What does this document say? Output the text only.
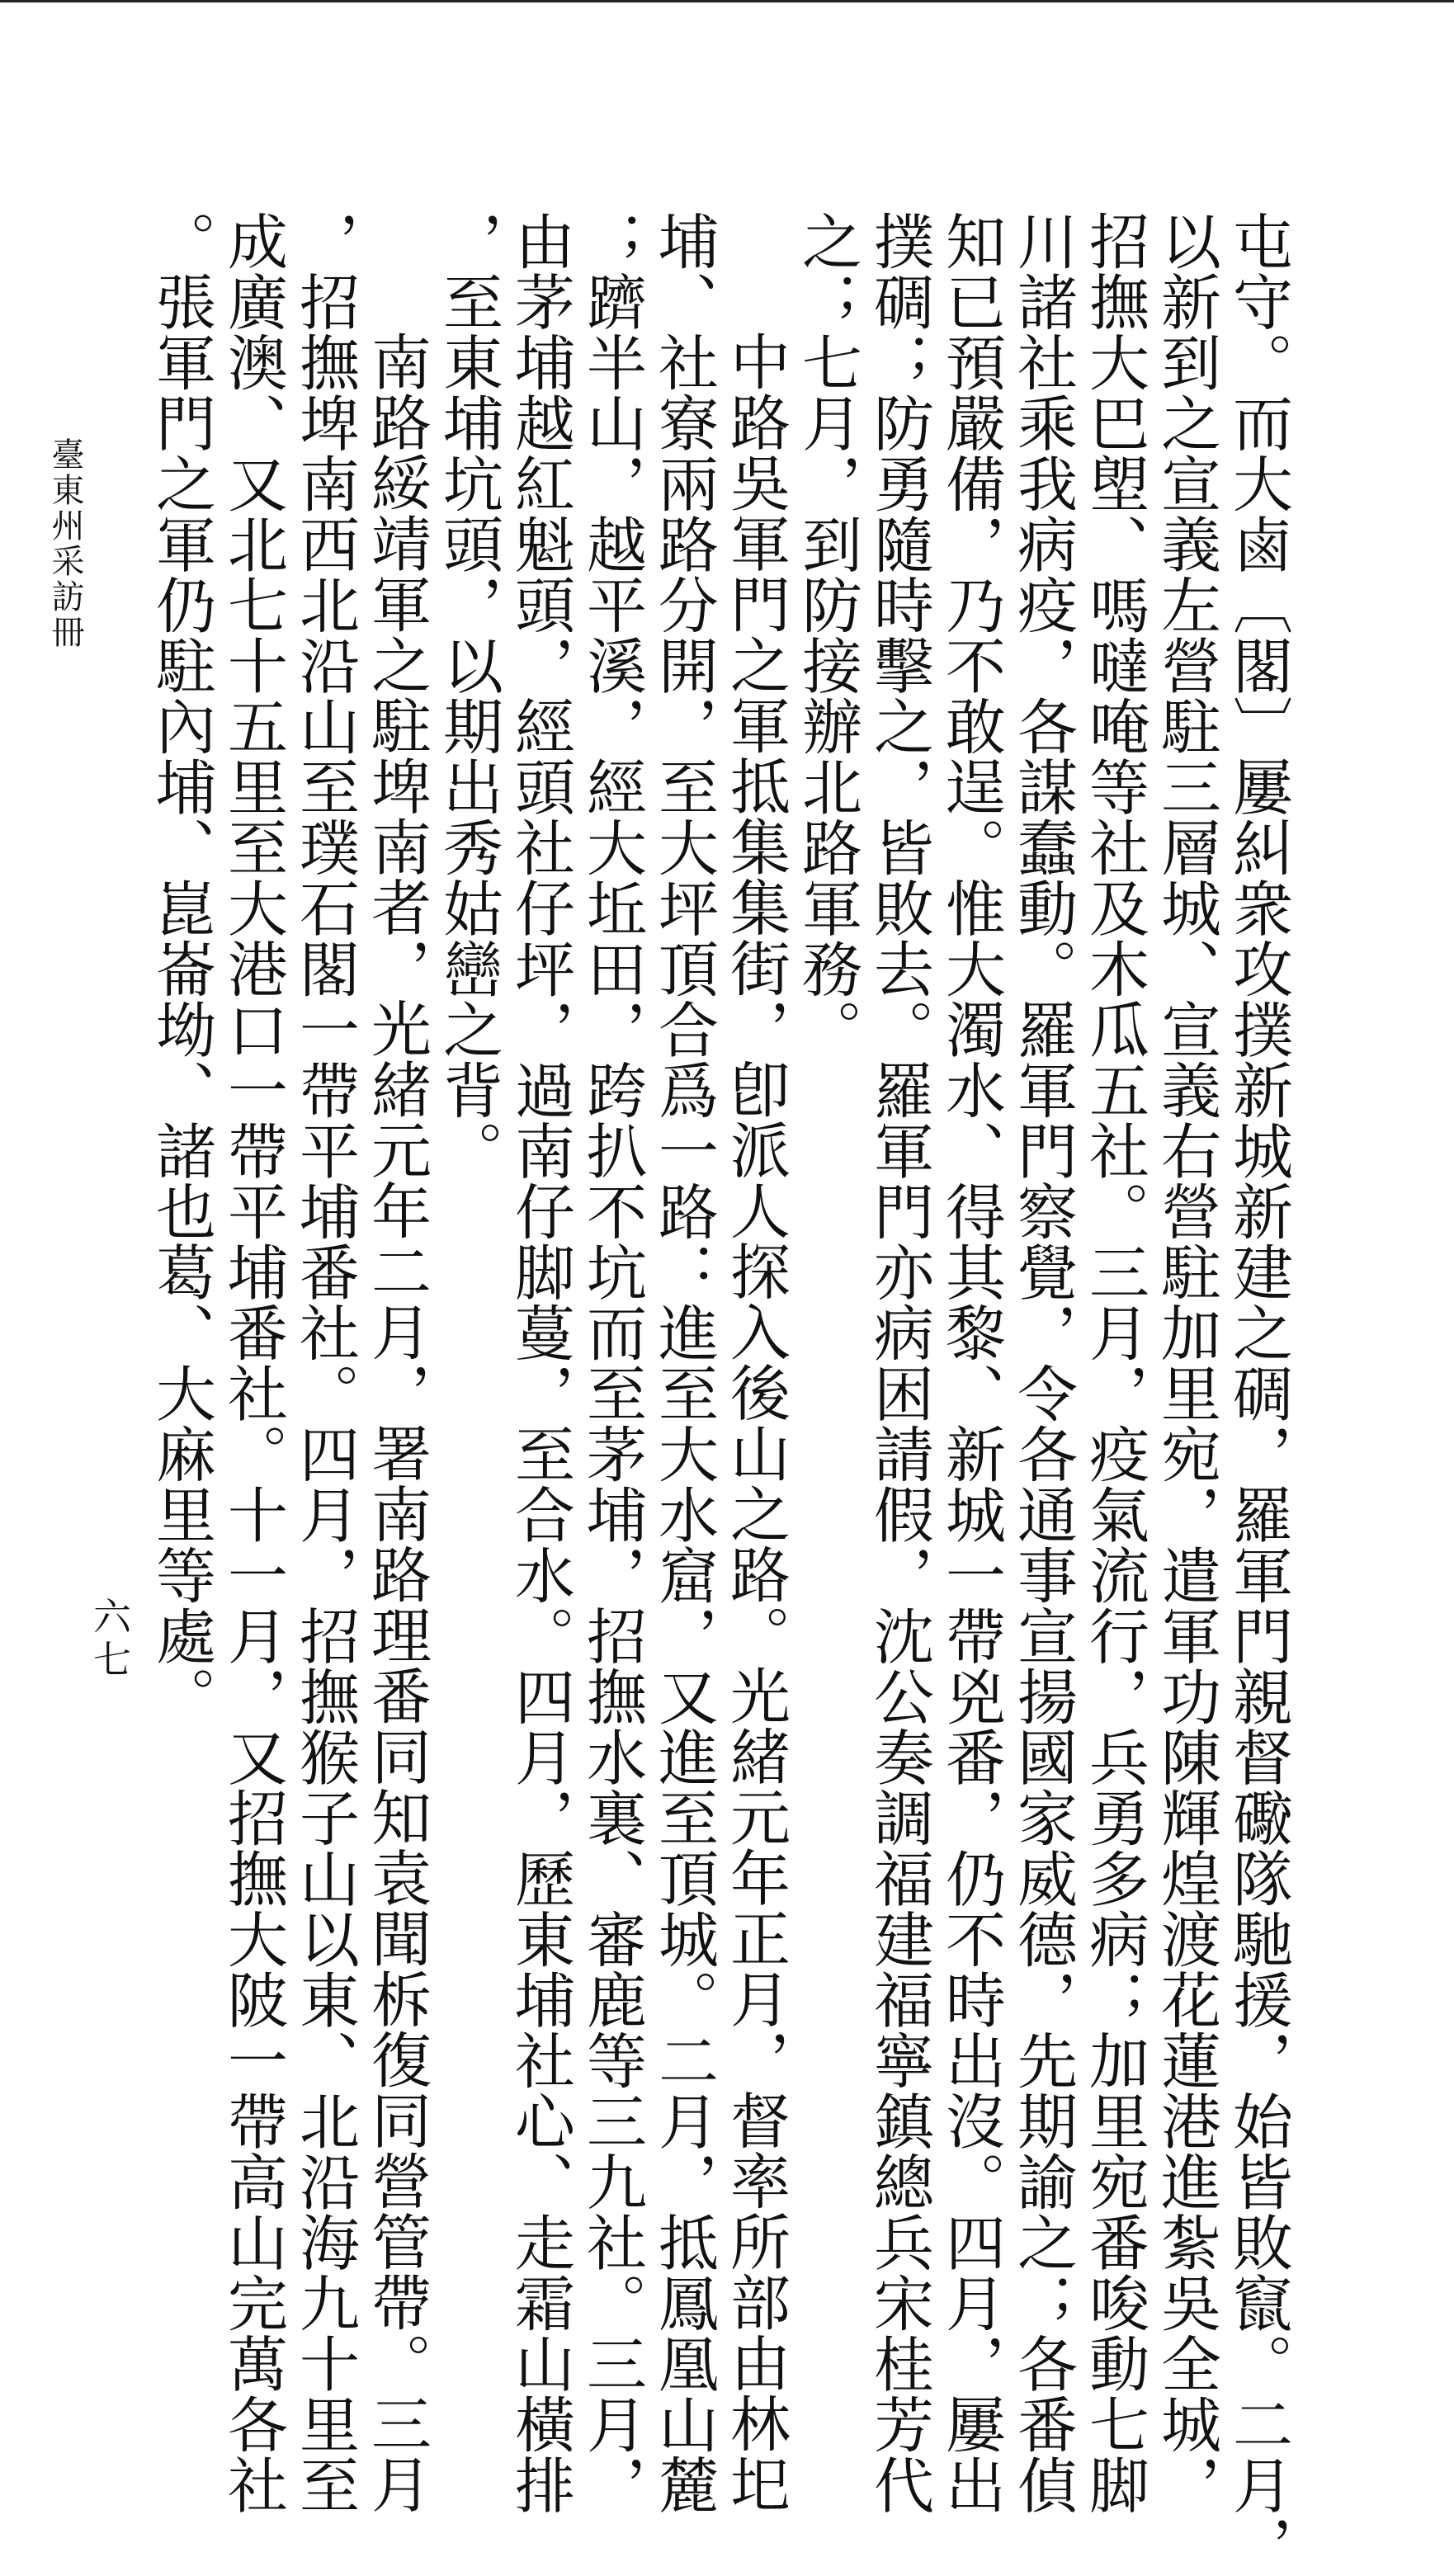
屯守。而大鹵〔閣〕屢糾衆攻撲新城新建之碉，羅軍門親督礮隊馳援，始皆敗竄。二月，

以新到之宣義左營駐三層城、宣義右營駐加里宛，遣軍功陳輝煌渡花蓮港進紮吳全城，

招撫大巴塱、嗎噠唵等社及木瓜五社。三月，疫氣流行，兵勇多病；加里宛番唆動七脚

川諸社乘我病疫，各謀蠢動。羅軍門察覺，令各通事宣揚國家威德，先期諭之；各番偵

知已預嚴備，乃不敢逞。惟大濁水、得其黎、新城一帶兇番，仍不時出沒。四月，屢出

撲碉；防勇隨時擊之，皆敗去。羅軍門亦病困請假，沈公奏調福建福寧鎮總兵宋桂芳代

之；七月，到防接辦北路軍務。

中路吳軍門之軍抵集集街，卽派人探入後山之路。光緒元年正月，督率所部由林圯

埔、社寮兩路分開，至大坪頂合爲一路：進至大水窟，又進至頂城。二月，抵鳳凰山麓

；躋半山，越平溪，經大坵田，跨扒不坑而至茅埔，招撫水裏、審鹿等三九社。三月，

由茅埔越紅魁頭，經頭社仔坪，過南仔脚蔓，至合水。四月，歷東埔社心、走霜山橫排

，至東埔坑頭，以期出秀姑巒之背。

南路綏靖軍之駐埤南者，光緒元年二月，署南路理番同知袁聞柝復同營管帶。三月

，招撫埤南西北沿山至璞石閣一帶平埔番社。四月，招撫猴子山以東、北沿海九十里至

成廣澳、又北七十五里至大港口一帶平埔番社。十一月，又招撫大陂一帶高山完萬各社

。張軍門之軍仍駐內埔、崑崙坳、諸也葛、大麻里等處。

六七
臺東州采訪冊
